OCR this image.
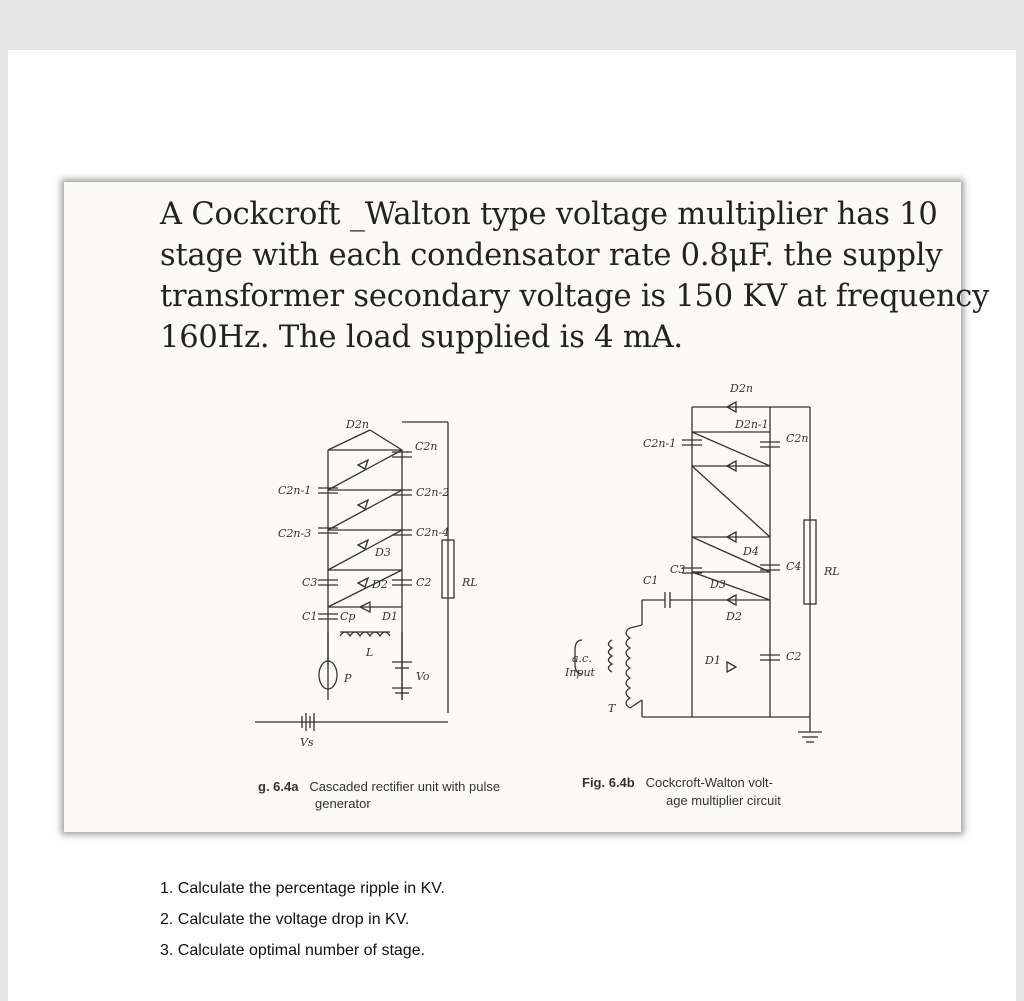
A Cockcroft _Walton type voltage multiplier has 10
stage with each condensator rate 0.8μF. the supply
transformer secondary voltage is 150 KV at frequency
160Hz. The load supplied is 4 mA.
D2n
C2n
C2n-1	C2n-2
C2n-3	C2n-4
D3
C3	D2	C2	RL
C1 Cp D1
L
P
Vs
Vo
D2n
D2n-1
C2n-1	C2n
D4
C4 RL
C1
C3
D3
D2
D1	C2
a.c.
Input
T
g. 6.4a Cascaded rectifier unit with pulse
generator
Fig. 6.4b Cockcroft-Walton volt-
age multiplier circuit
1. Calculate the percentage ripple in KV.
2. Calculate the voltage drop in KV.
3. Calculate optimal number of stage.
